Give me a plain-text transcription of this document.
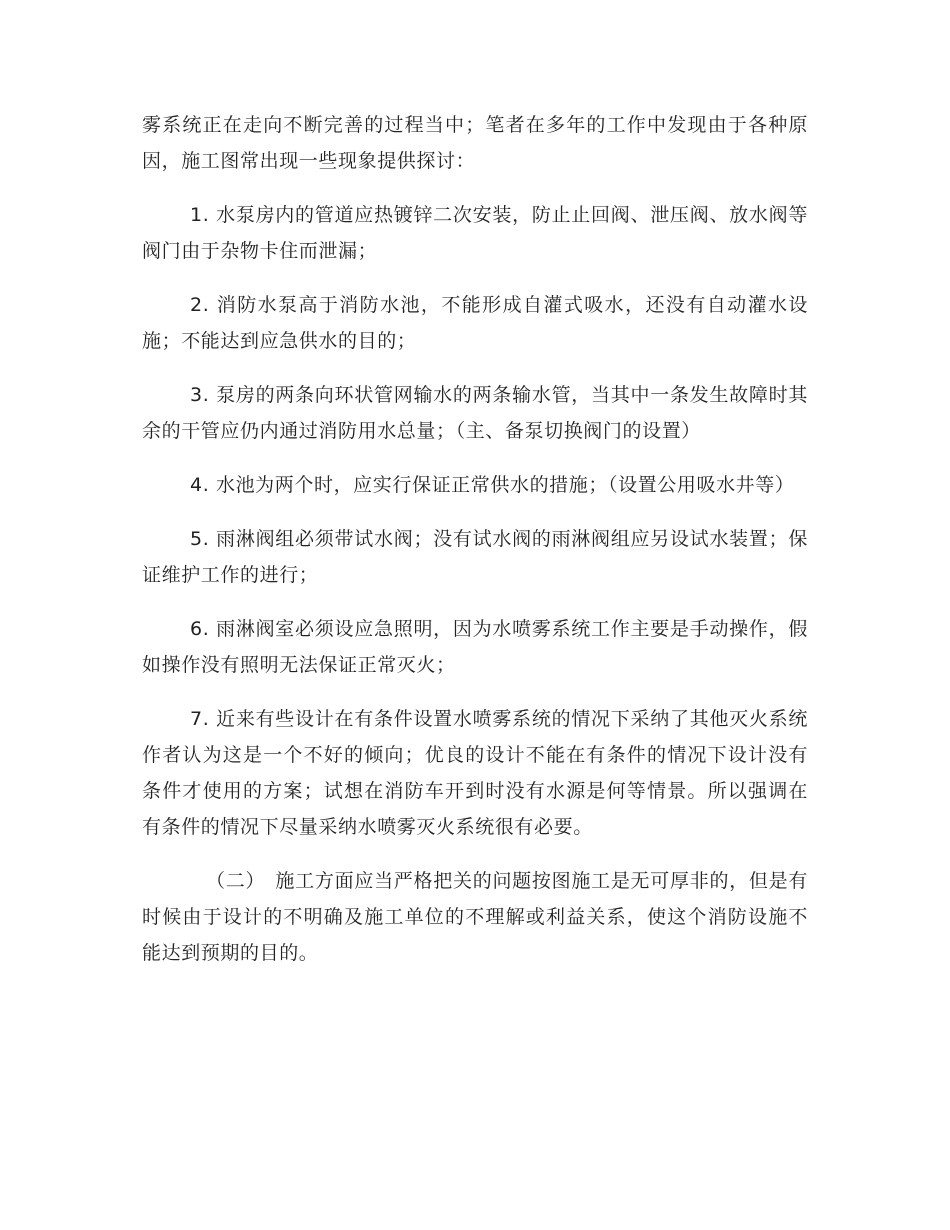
雾系统正在走向不断完善的过程当中；笔者在多年的工作中发现由于各种原因，施工图常出现一些现象提供探讨：

1. 水泵房内的管道应热镀锌二次安装，防止止回阀、泄压阀、放水阀等阀门由于杂物卡住而泄漏；

2. 消防水泵高于消防水池，不能形成自灌式吸水，还没有自动灌水设施；不能达到应急供水的目的；

3. 泵房的两条向环状管网输水的两条输水管，当其中一条发生故障时其余的干管应仍内通过消防用水总量；（主、备泵切换阀门的设置）

4. 水池为两个时，应实行保证正常供水的措施；（设置公用吸水井等）

5. 雨淋阀组必须带试水阀；没有试水阀的雨淋阀组应另设试水装置；保证维护工作的进行；

6. 雨淋阀室必须设应急照明，因为水喷雾系统工作主要是手动操作，假如操作没有照明无法保证正常灭火；

7. 近来有些设计在有条件设置水喷雾系统的情况下采纳了其他灭火系统作者认为这是一个不好的倾向；优良的设计不能在有条件的情况下设计没有条件才使用的方案；试想在消防车开到时没有水源是何等情景。所以强调在有条件的情况下尽量采纳水喷雾灭火系统很有必要。

（二）　施工方面应当严格把关的问题按图施工是无可厚非的，但是有时候由于设计的不明确及施工单位的不理解或利益关系，使这个消防设施不能达到预期的目的。
